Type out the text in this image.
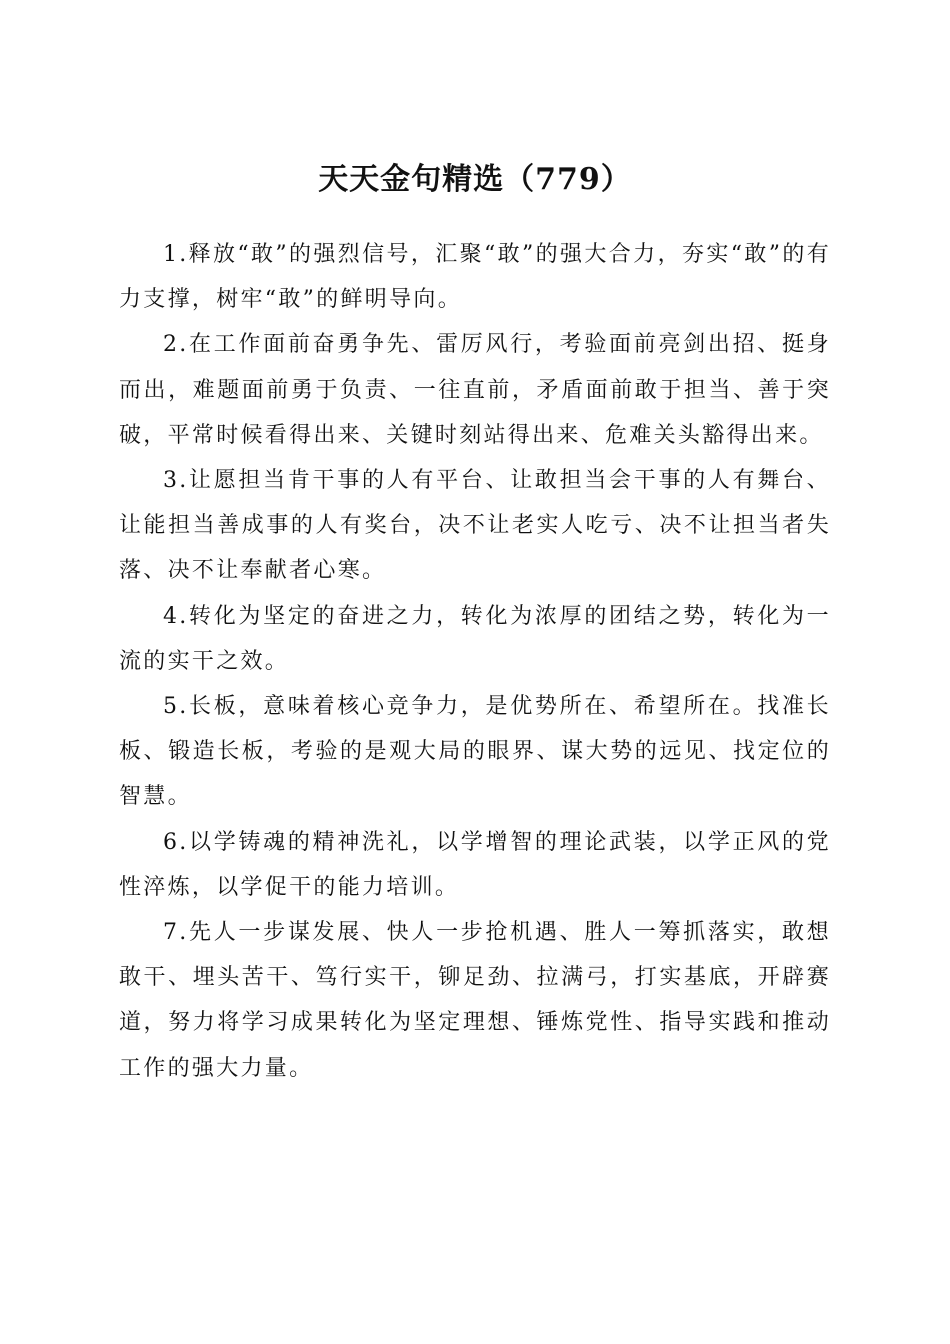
天天金句精选（779）

1.释放“敢”的强烈信号，汇聚“敢”的强大合力，夯实“敢”的有力支撑，树牢“敢”的鲜明导向。

2.在工作面前奋勇争先、雷厉风行，考验面前亮剑出招、挺身而出，难题面前勇于负责、一往直前，矛盾面前敢于担当、善于突破，平常时候看得出来、关键时刻站得出来、危难关头豁得出来。

3.让愿担当肯干事的人有平台、让敢担当会干事的人有舞台、让能担当善成事的人有奖台，决不让老实人吃亏、决不让担当者失落、决不让奉献者心寒。

4.转化为坚定的奋进之力，转化为浓厚的团结之势，转化为一流的实干之效。

5.长板，意味着核心竞争力，是优势所在、希望所在。找准长板、锻造长板，考验的是观大局的眼界、谋大势的远见、找定位的智慧。

6.以学铸魂的精神洗礼，以学增智的理论武装，以学正风的党性淬炼，以学促干的能力培训。

7.先人一步谋发展、快人一步抢机遇、胜人一筹抓落实，敢想敢干、埋头苦干、笃行实干，铆足劲、拉满弓，打实基底，开辟赛道，努力将学习成果转化为坚定理想、锤炼党性、指导实践和推动工作的强大力量。
